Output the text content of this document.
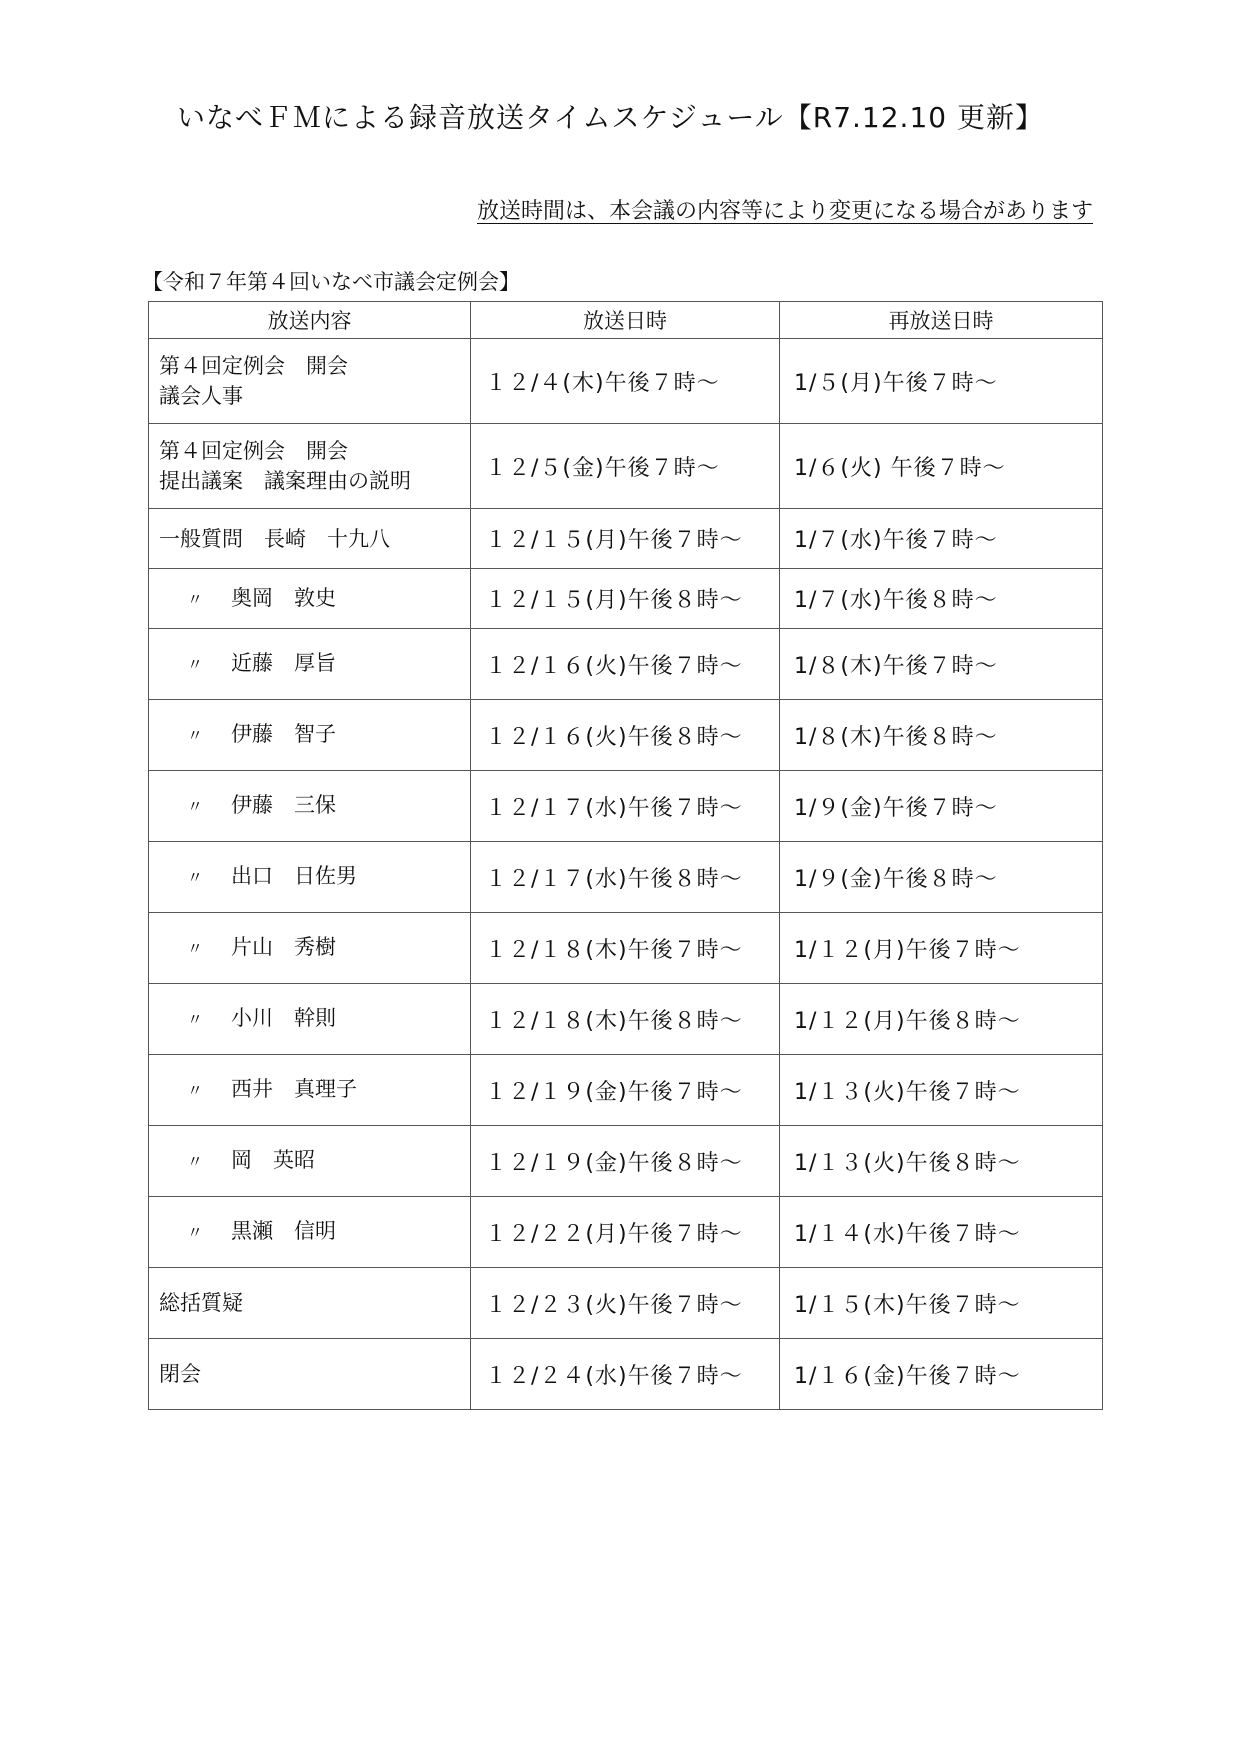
いなべＦＭによる録音放送タイムスケジュール【R7.12.10 更新】
放送時間は、本会議の内容等により変更になる場合があります
【令和７年第４回いなべ市議会定例会】
放送内容	放送日時	再放送日時

第４回定例会　開会
議会人事	１２/４(木)午後７時～	1/５(月)午後７時～

第４回定例会　開会
提出議案　議案理由の説明	１２/５(金)午後７時～	1/６(火) 午後７時～
一般質問　長崎　十九八	１２/１５(月)午後７時～	1/７(水)午後７時～
〃 奥岡　敦史	１２/１５(月)午後８時～	1/７(水)午後８時～
〃 近藤　厚旨	１２/１６(火)午後７時～	1/８(木)午後７時～
〃 伊藤　智子	１２/１６(火)午後８時～	1/８(木)午後８時～
〃 伊藤　三保	１２/１７(水)午後７時～	1/９(金)午後７時～
〃 出口　日佐男	１２/１７(水)午後８時～	1/９(金)午後８時～
〃 片山　秀樹	１２/１８(木)午後７時～	1/１２(月)午後７時～
〃 小川　幹則	１２/１８(木)午後８時～	1/１２(月)午後８時～
〃 西井　真理子	１２/１９(金)午後７時～	1/１３(火)午後７時～
〃 岡　英昭	１２/１９(金)午後８時～	1/１３(火)午後８時～
〃 黒瀬　信明	１２/２２(月)午後７時～	1/１４(水)午後７時～
総括質疑	１２/２３(火)午後７時～	1/１５(木)午後７時～
閉会	１２/２４(水)午後７時～	1/１６(金)午後７時～
